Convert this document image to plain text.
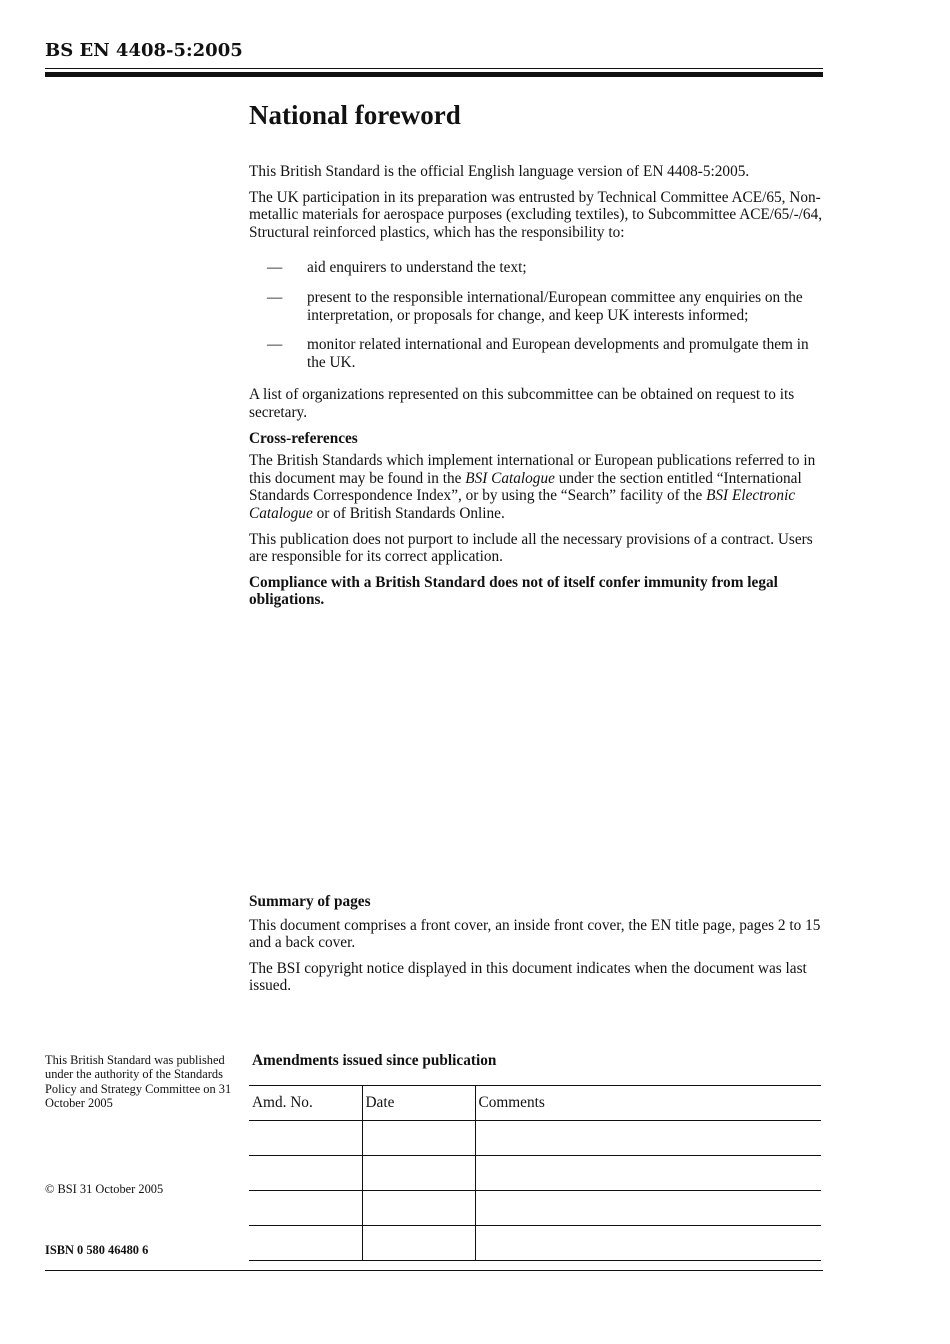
BS EN 4408-5:2005
National foreword

This British Standard is the official English language version of EN 4408-5:2005.

The UK participation in its preparation was entrusted by Technical Committee ACE/65, Non-metallic materials for aerospace purposes (excluding textiles), to Subcommittee ACE/65/-/64, Structural reinforced plastics, which has the responsibility to:

—	aid enquirers to understand the text;
—	present to the responsible international/European committee any enquiries on the interpretation, or proposals for change, and keep UK interests informed;
—	monitor related international and European developments and promulgate them in the UK.

A list of organizations represented on this subcommittee can be obtained on request to its secretary.

Cross-references

The British Standards which implement international or European publications referred to in this document may be found in the BSI Catalogue under the section entitled “International Standards Correspondence Index”, or by using the “Search” facility of the BSI Electronic Catalogue or of British Standards Online.

This publication does not purport to include all the necessary provisions of a contract. Users are responsible for its correct application.

Compliance with a British Standard does not of itself confer immunity from legal obligations.

Summary of pages

This document comprises a front cover, an inside front cover, the EN title page, pages 2 to 15 and a back cover.

The BSI copyright notice displayed in this document indicates when the document was last issued.

This British Standard was published under the authority of the Standards Policy and Strategy Committee on 31 October 2005
© BSI 31 October 2005
ISBN 0 580 46480 6
Amendments issued since publication
Amd. No.	Date	Comments
